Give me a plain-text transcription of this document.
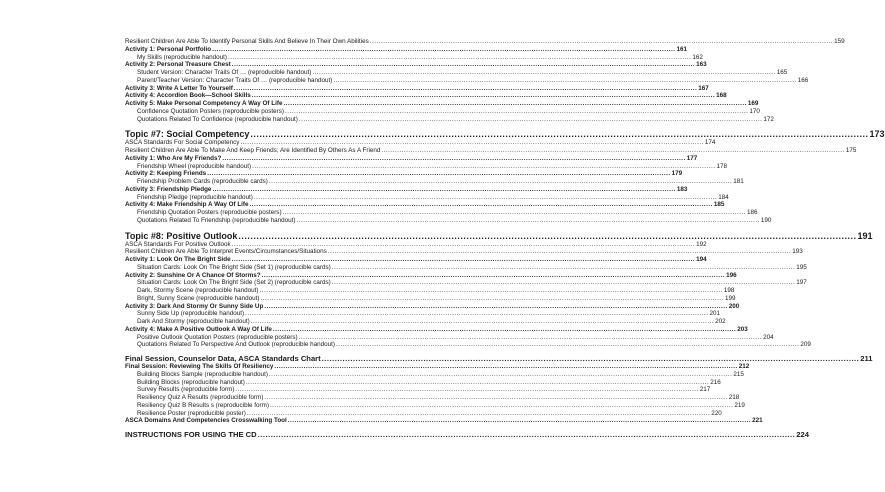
Resilient Children Are Able To Identify Personal Skills And Believe In Their Own Abilities .....	159
Activity 1: Personal Portfolio .....	161
My Skills (reproducible handout) .....	162
Activity 2: Personal Treasure Chest .....	163
Student Version: Character Traits Of … (reproducible handout) .....	165
Parent/Teacher Version: Character Traits Of … (reproducible handout) .....	166
Activity 3: Write A Letter To Yourself .....	167
Activity 4: Accordion Book—School Skills .....	168
Activity 5: Make Personal Competency A Way Of Life .....	169
Confidence Quotation Posters (reproducible posters) .....	170
Quotations Related To Confidence (reproducible handout) .....	172
Topic #7: Social Competency .....	173
ASCA Standards For Social Competency .....	174
Resilient Children Are Able To Make And Keep Friends; Are Identified By Others As A Friend .....	175
Activity 1: Who Are My Friends? .....	177
Friendship Wheel (reproducible handout) .....	178
Activity 2: Keeping Friends .....	179
Friendship Problem Cards (reproducible cards) .....	181
Activity 3: Friendship Pledge .....	183
Friendship Pledge (reproducible handout) .....	184
Activity 4: Make Friendship A Way Of Life .....	185
Friendship Quotation Posters (reproducible posters) .....	186
Quotations Related To Friendship (reproducible handout) .....	190
Topic #8: Positive Outlook .....	191
ASCA Standards For Positive Outlook .....	192
Resilient Children Are Able To Interpret Events/Circumstances/Situations .....	193
Activity 1: Look On The Bright Side .....	194
Situation Cards: Look On The Bright Side (Set 1) (reproducible cards) .....	195
Activity 2: Sunshine Or A Chance Of Storms? .....	196
Situation Cards: Look On The Bright Side (Set 2) (reproducible cards) .....	197
Dark, Stormy Scene (reproducible handout) .....	198
Bright, Sunny Scene (reproducible handout) .....	199
Activity 3: Dark And Stormy Or Sunny Side Up .....	200
Sunny Side Up (reproducible handout) .....	201
Dark And Stormy (reproducible handout) .....	202
Activity 4: Make A Positive Outlook A Way Of Life .....	203
Positive Outlook Quotation Posters (reproducible posters) .....	204
Quotations Related To Perspective And Outlook (reproducible handout) .....	209
Final Session, Counselor Data, ASCA Standards Chart .....	211
Final Session: Reviewing The Skills Of Resiliency .....	212
Building Blocks Sample (reproducible handout) .....	215
Building Blocks (reproducible handout) .....	216
Survey Results (reproducible form) .....	217
Resiliency Quiz A Results (reproducible form) .....	218
Resiliency Quiz B Results s (reproducible form) .....	219
Resilience Poster (reproducible poster) .....	220
ASCA Domains And Competencies Crosswalking Tool .....	221
INSTRUCTIONS FOR USING THE CD .....	224
